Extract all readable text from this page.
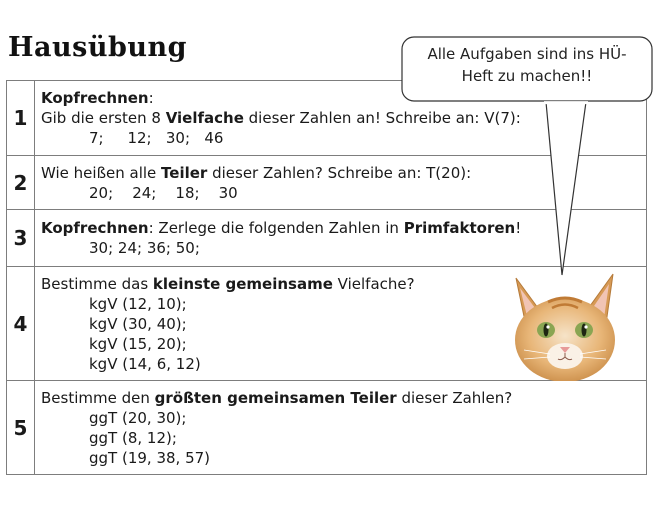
Hausübung
1	Kopfrechnen:
Gib die ersten 8 Vielfache dieser Zahlen an! Schreibe an: V(7):
7;     12;   30;   46

2	Wie heißen alle Teiler dieser Zahlen? Schreibe an: T(20):
20;    24;    18;    30

3	Kopfrechnen: Zerlege die folgenden Zahlen in Primfaktoren!
30; 24; 36; 50;

4	Bestimme das kleinste gemeinsame Vielfache?
kgV (12, 10);
kgV (30, 40);
kgV (15, 20);
kgV (14, 6, 12)

5	Bestimme den größten gemeinsamen Teiler dieser Zahlen?
ggT (20, 30);
ggT (8, 12);
ggT (19, 38, 57)
Alle Aufgaben sind ins HÜ-
Heft zu machen!!
